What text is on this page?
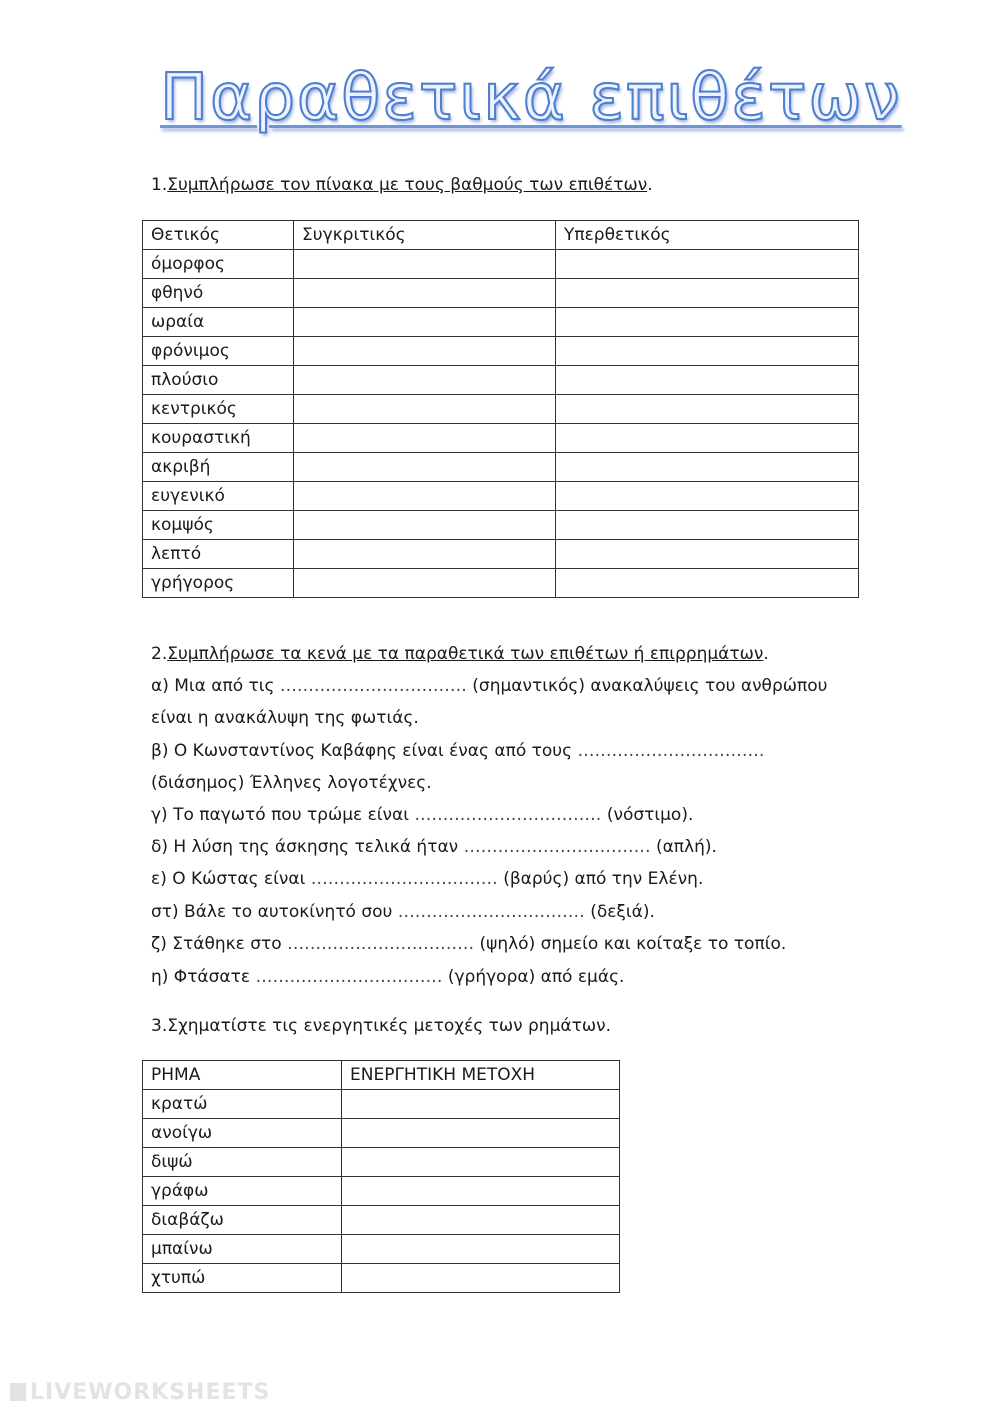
Παραθετικά επιθέτων
1.Συμπλήρωσε τον πίνακα με τους βαθμούς των επιθέτων.
Θετικός	Συγκριτικός	Υπερθετικός
όμορφος		
φθηνό		
ωραία		
φρόνιμος		
πλούσιο		
κεντρικός		
κουραστική		
ακριβή		
ευγενικό		
κομψός		
λεπτό		
γρήγορος		
2.Συμπλήρωσε τα κενά με τα παραθετικά των επιθέτων ή επιρρημάτων.
α) Μια από τις …………………………… (σημαντικός) ανακαλύψεις του ανθρώπου
είναι η ανακάλυψη της φωτιάς.
β) Ο Κωνσταντίνος Καβάφης είναι ένας από τους ……………………………
(διάσημος) Έλληνες λογοτέχνες.
γ) Το παγωτό που τρώμε είναι …………………………… (νόστιμο).
δ) Η λύση της άσκησης τελικά ήταν …………………………… (απλή).
ε) Ο Κώστας είναι …………………………… (βαρύς) από την Ελένη.
στ) Βάλε το αυτοκίνητό σου …………………………… (δεξιά).
ζ) Στάθηκε στο …………………………… (ψηλό) σημείο και κοίταξε το τοπίο.
η) Φτάσατε …………………………… (γρήγορα) από εμάς.
3.Σχηματίστε τις ενεργητικές μετοχές των ρημάτων.
ΡΗΜΑ	ΕΝΕΡΓΗΤΙΚΗ ΜΕΤΟΧΗ
κρατώ	
ανοίγω	
διψώ	
γράφω	
διαβάζω	
μπαίνω	
χτυπώ	
LIVEWORKSHEETS
